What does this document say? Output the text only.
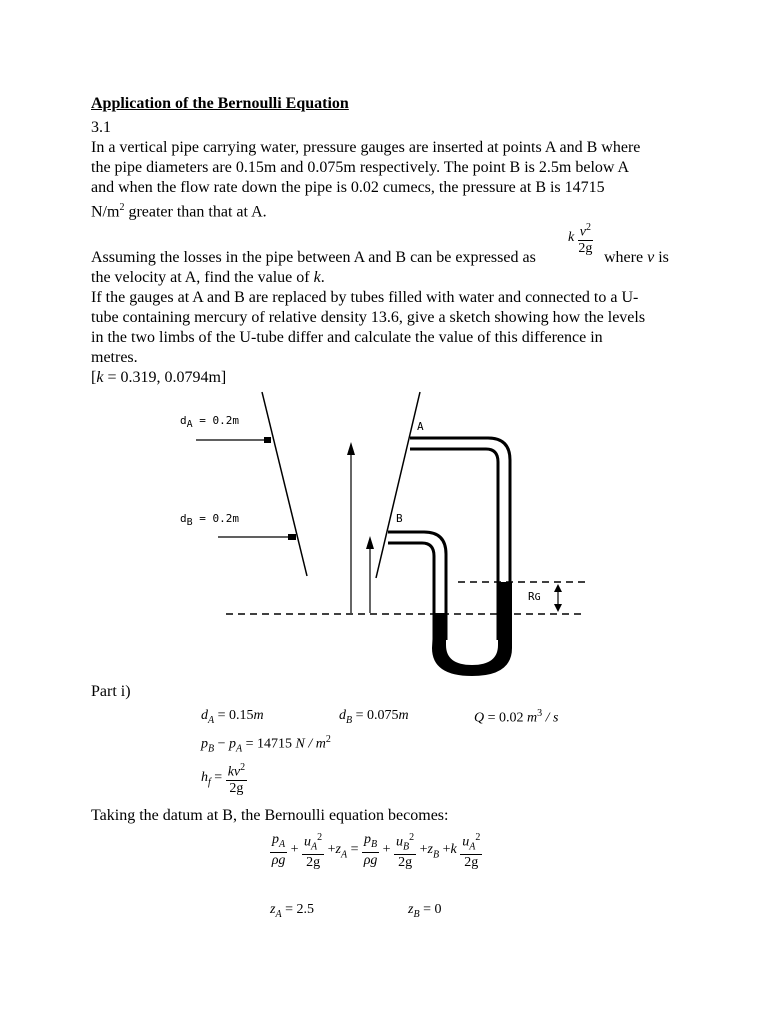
Application of the Bernoulli Equation
3.1
In a vertical pipe carrying water, pressure gauges are inserted at points A and B where
the pipe diameters are 0.15m and 0.075m respectively. The point B is 2.5m below A
and when the flow rate down the pipe is 0.02 cumecs, the pressure at B is 14715
$N/m^2$ greater than that at A.
Assuming the losses in the pipe between A and B can be expressed as
k $\frac{v^2}{2g}$
where v is
the velocity at A, find the value of k.
If the gauges at A and B are replaced by tubes filled with water and connected to a U-
tube containing mercury of relative density 13.6, give a sketch showing how the levels
in the two limbs of the U-tube differ and calculate the value of this difference in
metres.
[k = 0.319, 0.0794m]
$d_A = 0.2m$
$d_B = 0.2m$
A
B
RG
Part i)
$d_A = 0.15m$	$d_B = 0.075m$	Q = 0.02 $m^3$ / s
$p_B - p_A = 14715$ N / $m^2$
$h_f = \frac{kv^2}{2g}$
Taking the datum at B, the Bernoulli equation becomes:
$\frac{p_A}{\rho g} + \frac{u_A^2}{2g} +z_A = \frac{p_B}{\rho g} + \frac{u_B^2}{2g} +z_B +k \frac{u_A^2}{2g}$
$z_A = 2.5$	$z_B = 0$
